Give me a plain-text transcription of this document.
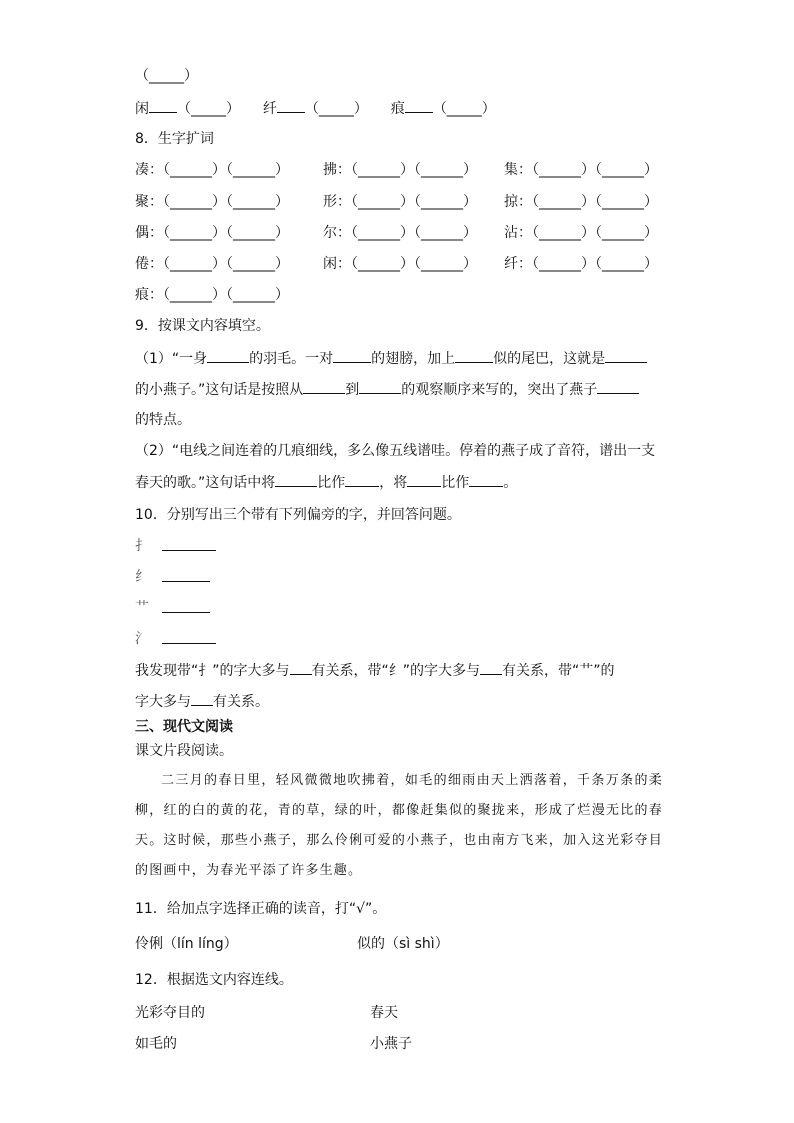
（_____）
闲 （_____） 纤 （_____） 痕 （_____）
8．生字扩词
凑：（______）（______） 拂：（______）（______） 集：（______）（______）
聚：（______）（______） 形：（______）（______） 掠：（______）（______）
偶：（______）（______） 尔：（______）（______） 沾：（______）（______）
倦：（______）（______） 闲：（______）（______） 纤：（______）（______）
痕：（______）（______）
9．按课文内容填空。
（1）“一身	的羽毛。一对	的翅膀，加上	似的尾巴，这就是
的小燕子。”这句话是按照从	到	的观察顺序来写的，突出了燕子
的特点。
（2）“电线之间连着的几痕细线，多么像五线谱哇。停着的燕子成了音符，谱出一支
春天的歌。”这句话中将	比作 ，将 比作 。
10．分别写出三个带有下列偏旁的字，并回答问题。
扌
纟
艹
氵
我发现带“扌”的字大多与 有关系，带“纟”的字大多与 有关系，带“艹”的
字大多与 有关系。
三、现代文阅读
课文片段阅读。
二三月的春日里，轻风微微地吹拂着，如毛的细雨由天上洒落着，千条万条的柔柳，红的白的黄的花，青的草，绿的叶，都像赶集似的聚拢来，形成了烂漫无比的春天。这时候，那些小燕子，那么伶俐可爱的小燕子，也由南方飞来，加入这光彩夺目的图画中，为春光平添了许多生趣。
11．给加点字选择正确的读音，打“√”。
伶俐（lín líng）	似的（sì shì）
12．根据选文内容连线。
光彩夺目的	春天
如毛的	小燕子
